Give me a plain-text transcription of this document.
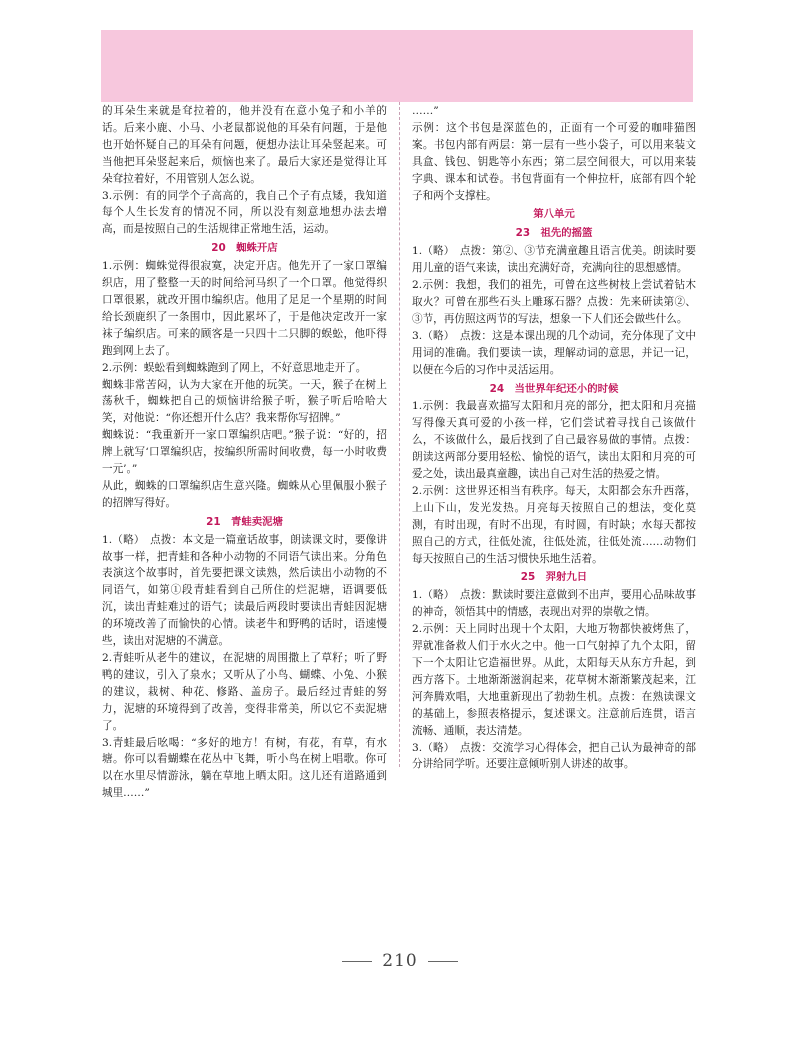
的耳朵生来就是耷拉着的，他并没有在意小兔子和小羊的话。后来小鹿、小马、小老鼠都说他的耳朵有问题，于是他也开始怀疑自己的耳朵有问题，便想办法让耳朵竖起来。可当他把耳朵竖起来后，烦恼也来了。最后大家还是觉得让耳朵耷拉着好，不用管别人怎么说。

3.示例：有的同学个子高高的，我自己个子有点矮，我知道每个人生长发育的情况不同，所以没有刻意地想办法去增高，而是按照自己的生活规律正常地生活，运动。

20　蜘蛛开店

1.示例：蜘蛛觉得很寂寞，决定开店。他先开了一家口罩编织店，用了整整一天的时间给河马织了一个口罩。他觉得织口罩很累，就改开围巾编织店。他用了足足一个星期的时间给长颈鹿织了一条围巾，因此累坏了，于是他决定改开一家袜子编织店。可来的顾客是一只四十二只脚的蜈蚣，他吓得跑到网上去了。

2.示例：蜈蚣看到蜘蛛跑到了网上，不好意思地走开了。

蜘蛛非常苦闷，认为大家在开他的玩笑。一天，猴子在树上荡秋千，蜘蛛把自己的烦恼讲给猴子听，猴子听后哈哈大笑，对他说：“你还想开什么店？我来帮你写招牌。”

蜘蛛说：“我重新开一家口罩编织店吧。”猴子说：“好的，招牌上就写‘口罩编织店，按编织所需时间收费，每一小时收费一元’。”

从此，蜘蛛的口罩编织店生意兴隆。蜘蛛从心里佩服小猴子的招牌写得好。

21　青蛙卖泥塘

1.（略）　点拨：本文是一篇童话故事，朗读课文时，要像讲故事一样，把青蛙和各种小动物的不同语气读出来。分角色表演这个故事时，首先要把课文读熟，然后读出小动物的不同语气，如第①段青蛙看到自己所住的烂泥塘，语调要低沉，读出青蛙难过的语气；读最后两段时要读出青蛙因泥塘的环境改善了而愉快的心情。读老牛和野鸭的话时，语速慢些，读出对泥塘的不满意。

2.青蛙听从老牛的建议，在泥塘的周围撒上了草籽；听了野鸭的建议，引入了泉水；又听从了小鸟、蝴蝶、小兔、小猴的建议，栽树、种花、修路、盖房子。最后经过青蛙的努力，泥塘的环境得到了改善，变得非常美，所以它不卖泥塘了。

3.青蛙最后吆喝：“多好的地方！有树，有花，有草，有水塘。你可以看蝴蝶在花丛中飞舞，听小鸟在树上唱歌。你可以在水里尽情游泳，躺在草地上晒太阳。这儿还有道路通到城里……”

……”

示例：这个书包是深蓝色的，正面有一个可爱的咖啡猫图案。书包内部有两层：第一层有一些小袋子，可以用来装文具盒、钱包、钥匙等小东西；第二层空间很大，可以用来装字典、课本和试卷。书包背面有一个伸拉杆，底部有四个轮子和两个支撑柱。

第八单元

23　祖先的摇篮

1.（略）　点拨：第②、③节充满童趣且语言优美。朗读时要用儿童的语气来读，读出充满好奇，充满向往的思想感情。

2.示例：我想，我们的祖先，可曾在这些树枝上尝试着钻木取火？可曾在那些石头上雕琢石器？点拨：先来研读第②、③节，再仿照这两节的写法，想象一下人们还会做些什么。

3.（略）　点拨：这是本课出现的几个动词，充分体现了文中用词的准确。我们要读一读，理解动词的意思，并记一记，以便在今后的习作中灵活运用。

24　当世界年纪还小的时候

1.示例：我最喜欢描写太阳和月亮的部分，把太阳和月亮描写得像天真可爱的小孩一样，它们尝试着寻找自己该做什么，不该做什么，最后找到了自己最容易做的事情。点拨：朗读这两部分要用轻松、愉悦的语气，读出太阳和月亮的可爱之处，读出最真童趣，读出自己对生活的热爱之情。

2.示例：这世界还相当有秩序。每天，太阳都会东升西落，上山下山，发光发热。月亮每天按照自己的想法，变化莫测，有时出现，有时不出现，有时圆，有时缺；水每天都按照自己的方式，往低处流，往低处流，往低处流……动物们每天按照自己的生活习惯快乐地生活着。

25　羿射九日

1.（略）　点拨：默读时要注意做到不出声，要用心品味故事的神奇，领悟其中的情感，表现出对羿的崇敬之情。

2.示例：天上同时出现十个太阳，大地万物都快被烤焦了，羿就准备救人们于水火之中。他一口气射掉了九个太阳，留下一个太阳让它造福世界。从此，太阳每天从东方升起，到西方落下。土地渐渐滋润起来，花草树木渐渐繁茂起来，江河奔腾欢唱，大地重新现出了勃勃生机。点拨：在熟读课文的基础上，参照表格提示，复述课文。注意前后连贯，语言流畅、通顺，表达清楚。

3.（略）　点拨：交流学习心得体会，把自己认为最神奇的部分讲给同学听。还要注意倾听别人讲述的故事。

210
